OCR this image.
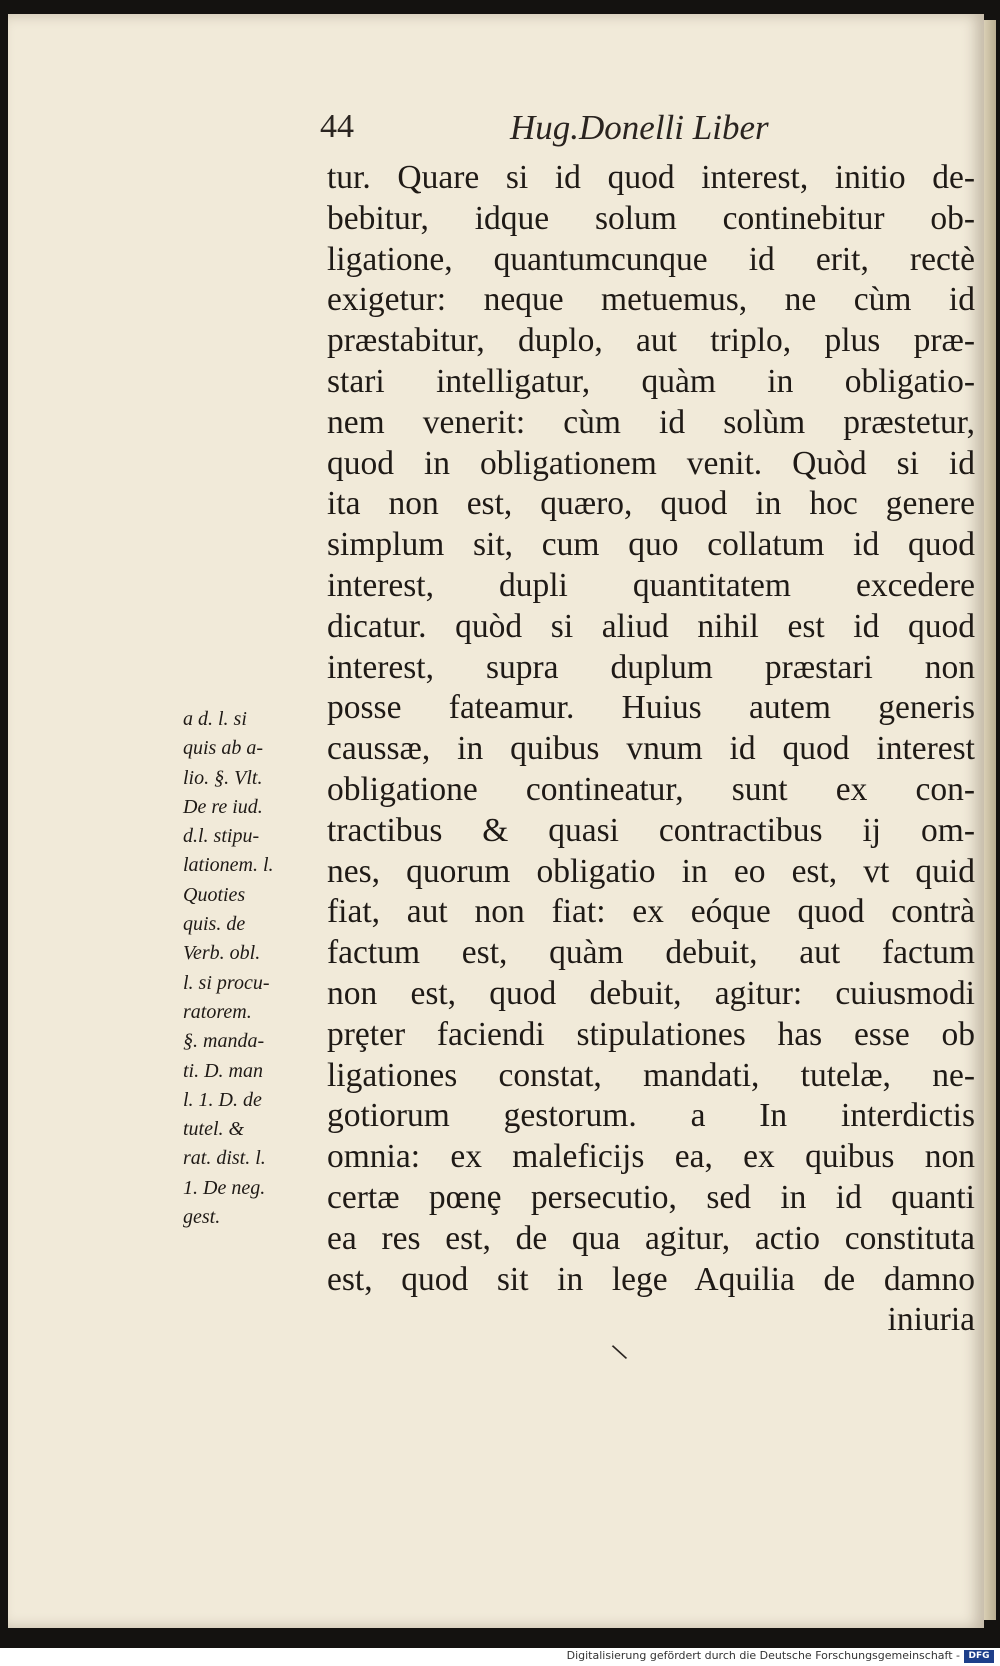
44	Hug.Donelli Liber
tur. Quare si id quod interest, initio de-
bebitur, idque solum continebitur ob-
ligatione, quantumcunque id erit, rectè
exigetur: neque metuemus, ne cùm id
præstabitur, duplo, aut triplo, plus præ-
stari intelligatur, quàm in obligatio-
nem venerit: cùm id solùm præstetur,
quod in obligationem venit. Quòd si id
ita non est, quæro, quod in hoc genere
simplum sit, cum quo collatum id quod
interest, dupli quantitatem excedere
dicatur. quòd si aliud nihil est id quod
interest, supra duplum præstari non
posse fateamur. Huius autem generis
caussæ, in quibus vnum id quod interest
obligatione contineatur, sunt ex con-
tractibus & quasi contractibus ij om-
nes, quorum obligatio in eo est, vt quid
fiat, aut non fiat: ex eóque quod contrà
factum est, quàm debuit, aut factum
non est, quod debuit, agitur: cuiusmodi
prȩter faciendi stipulationes has esse ob
ligationes constat, mandati, tutelæ, ne-
gotiorum gestorum. a In interdictis
omnia: ex maleficijs ea, ex quibus non
certæ pœnȩ persecutio, sed in id quanti
ea res est, de qua agitur, actio constituta
est, quod sit in lege Aquilia de damno
iniuria
a d. l. si
quis ab a-
lio. §. Vlt.
De re iud.
d.l. stipu-
lationem. l.
Quoties
quis. de
Verb. obl.
l. si procu-
ratorem.
§. manda-
ti. D. man
l. 1. D. de
tutel. &
rat. dist. l.
1. De neg.
gest.
\
Digitalisierung gefördert durch die Deutsche Forschungsgemeinschaft - DFG
